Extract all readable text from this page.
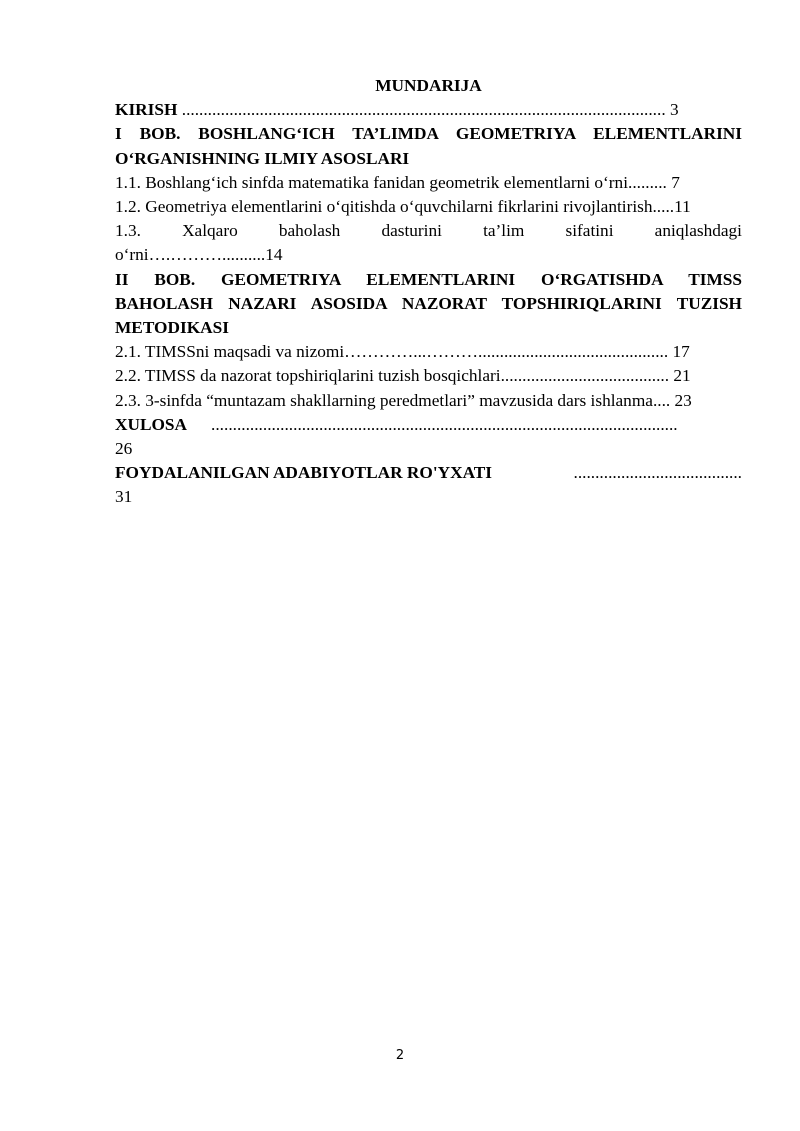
MUNDARIJA
KIRISH ................................................................................................................ 3
I BOB. BOSHLANG‘ICH TA’LIMDA GEOMETRIYA ELEMENTLARINI
O‘RGANISHNING ILMIY ASOSLARI
1.1. Boshlang‘ich sinfda matematika fanidan geometrik elementlarni o‘rni......... 7
1.2. Geometriya elementlarini o‘qitishda o‘quvchilarni fikrlarini rivojlantirish.....11
1.3. Xalqaro baholash dasturini ta’lim sifatini aniqlashdagi
o‘rni….………..........14
II BOB. GEOMETRIYA ELEMENTLARINI O‘RGATISHDA TIMSS
BAHOLASH NAZARI ASOSIDA NAZORAT TOPSHIRIQLARINI TUZISH
METODIKASI
2.1. TIMSSni maqsadi va nizomi…………...………............................................ 17
2.2. TIMSS da nazorat topshiriqlarini tuzish bosqichlari....................................... 21
2.3. 3-sinfda “muntazam shakllarning peredmetlari” mavzusida dars ishlanma.... 23
XULOSA ............................................................................................................
26
FOYDALANILGAN ADABIYOTLAR RO'YXATI	.......................................
31
2
